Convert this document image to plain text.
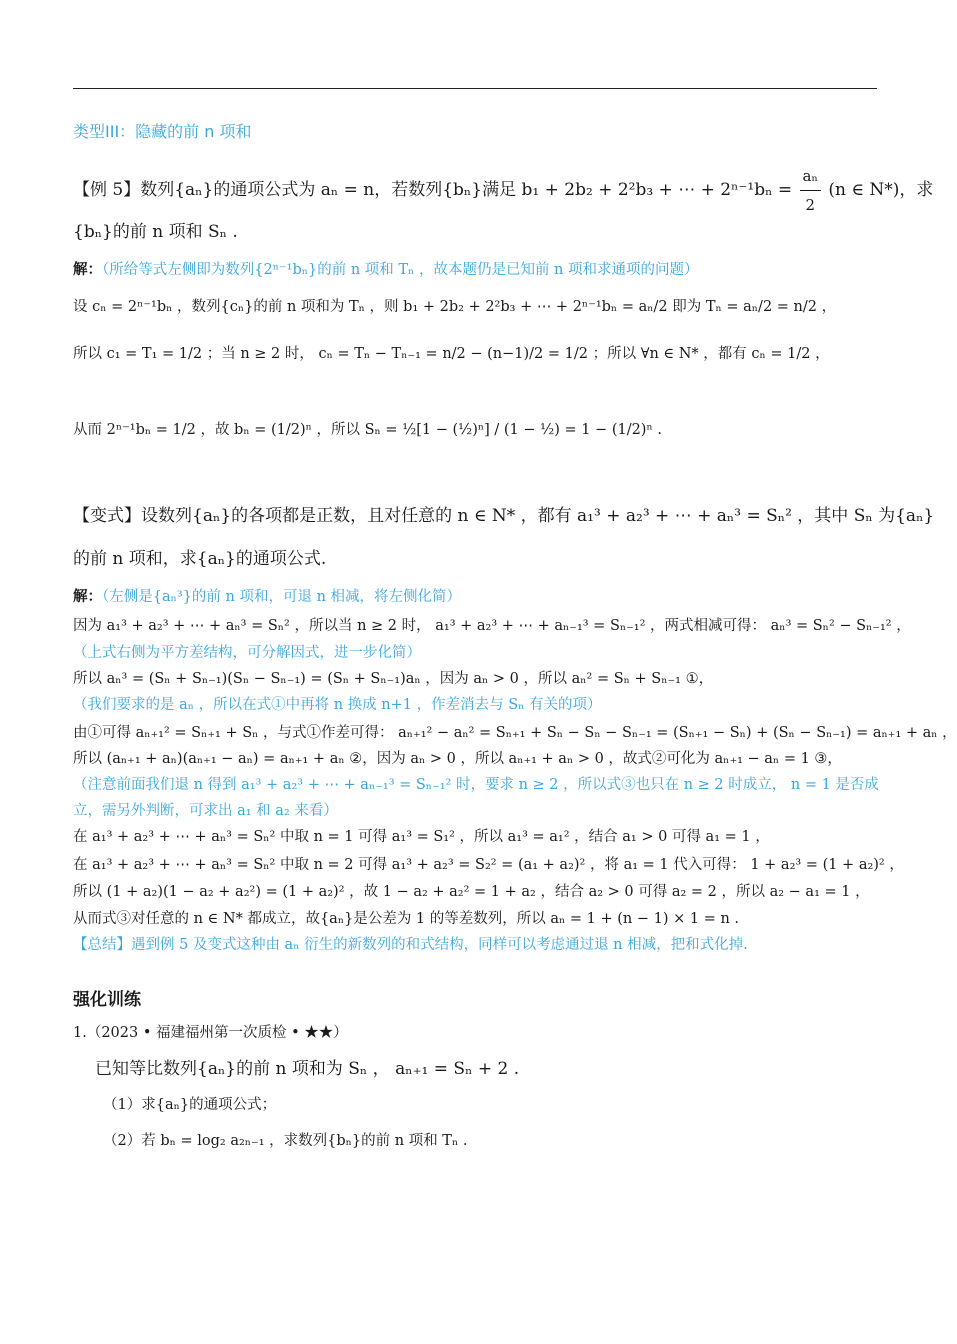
类型III：隐藏的前 n 项和
【例 5】数列{aₙ}的通项公式为 aₙ = n，若数列{bₙ}满足 b₁ + 2b₂ + 2²b₃ + ⋯ + $2^{n-1}b_n = \frac{\text{aₙ}}{2} (n$ ∈ N*)，求
{bₙ}的前 n 项和 Sₙ .
解：（所给等式左侧即为数列{2ⁿ⁻¹bₙ}的前 n 项和 Tₙ ，故本题仍是已知前 n 项和求通项的问题）
设 cₙ = 2ⁿ⁻¹bₙ ，数列{cₙ}的前 n 项和为 Tₙ ，则 b₁ + 2b₂ + 2²b₃ + ⋯ + 2ⁿ⁻¹bₙ = aₙ/2 即为 Tₙ = aₙ/2 = n/2 ，
所以 c₁ = T₁ = 1/2 ；当 n ≥ 2 时， cₙ = Tₙ − Tₙ₋₁ = n/2 − (n−1)/2 = 1/2 ；所以 ∀n ∈ N* ，都有 cₙ = 1/2 ，
从而 2ⁿ⁻¹bₙ = 1/2 ，故 bₙ = (1/2)ⁿ ，所以 Sₙ = ½[1 − (½)ⁿ] / (1 − ½) = 1 − (1/2)ⁿ .
【变式】设数列{aₙ}的各项都是正数，且对任意的 n ∈ N* ，都有 a₁³ + a₂³ + ⋯ + aₙ³ = Sₙ² ，其中 Sₙ 为{aₙ}
的前 n 项和，求{aₙ}的通项公式.
解：（左侧是{aₙ³}的前 n 项和，可退 n 相减，将左侧化简）
因为 a₁³ + a₂³ + ⋯ + aₙ³ = Sₙ² ，所以当 n ≥ 2 时， a₁³ + a₂³ + ⋯ + aₙ₋₁³ = Sₙ₋₁² ，两式相减可得： aₙ³ = Sₙ² − Sₙ₋₁² ，
（上式右侧为平方差结构，可分解因式，进一步化简）
所以 aₙ³ = (Sₙ + Sₙ₋₁)(Sₙ − Sₙ₋₁) = (Sₙ + Sₙ₋₁)aₙ ，因为 aₙ > 0 ，所以 aₙ² = Sₙ + Sₙ₋₁ ①，
（我们要求的是 aₙ ，所以在式①中再将 n 换成 n+1 ，作差消去与 Sₙ 有关的项）
由①可得 aₙ₊₁² = Sₙ₊₁ + Sₙ ，与式①作差可得： aₙ₊₁² − aₙ² = Sₙ₊₁ + Sₙ − Sₙ − Sₙ₋₁ = (Sₙ₊₁ − Sₙ) + (Sₙ − Sₙ₋₁) = aₙ₊₁ + aₙ ，
所以 (aₙ₊₁ + aₙ)(aₙ₊₁ − aₙ) = aₙ₊₁ + aₙ ②，因为 aₙ > 0 ，所以 aₙ₊₁ + aₙ > 0 ，故式②可化为 aₙ₊₁ − aₙ = 1 ③，
（注意前面我们退 n 得到 a₁³ + a₂³ + ⋯ + aₙ₋₁³ = Sₙ₋₁² 时，要求 n ≥ 2 ，所以式③也只在 n ≥ 2 时成立， n = 1 是否成
立，需另外判断，可求出 a₁ 和 a₂ 来看）
在 a₁³ + a₂³ + ⋯ + aₙ³ = Sₙ² 中取 n = 1 可得 a₁³ = S₁² ，所以 a₁³ = a₁² ，结合 a₁ > 0 可得 a₁ = 1 ，
在 a₁³ + a₂³ + ⋯ + aₙ³ = Sₙ² 中取 n = 2 可得 a₁³ + a₂³ = S₂² = (a₁ + a₂)² ，将 a₁ = 1 代入可得： 1 + a₂³ = (1 + a₂)² ，
所以 (1 + a₂)(1 − a₂ + a₂²) = (1 + a₂)² ，故 1 − a₂ + a₂² = 1 + a₂ ，结合 a₂ > 0 可得 a₂ = 2 ，所以 a₂ − a₁ = 1 ，
从而式③对任意的 n ∈ N* 都成立，故{aₙ}是公差为 1 的等差数列，所以 aₙ = 1 + (n − 1) × 1 = n .
【总结】遇到例 5 及变式这种由 aₙ 衍生的新数列的和式结构，同样可以考虑通过退 n 相减，把和式化掉.
强化训练
1.（2023 • 福建福州第一次质检 • ★★）
已知等比数列{aₙ}的前 n 项和为 Sₙ ， aₙ₊₁ = Sₙ + 2 .
（1）求{aₙ}的通项公式；
（2）若 bₙ = log₂ a₂ₙ₋₁ ，求数列{bₙ}的前 n 项和 Tₙ .
